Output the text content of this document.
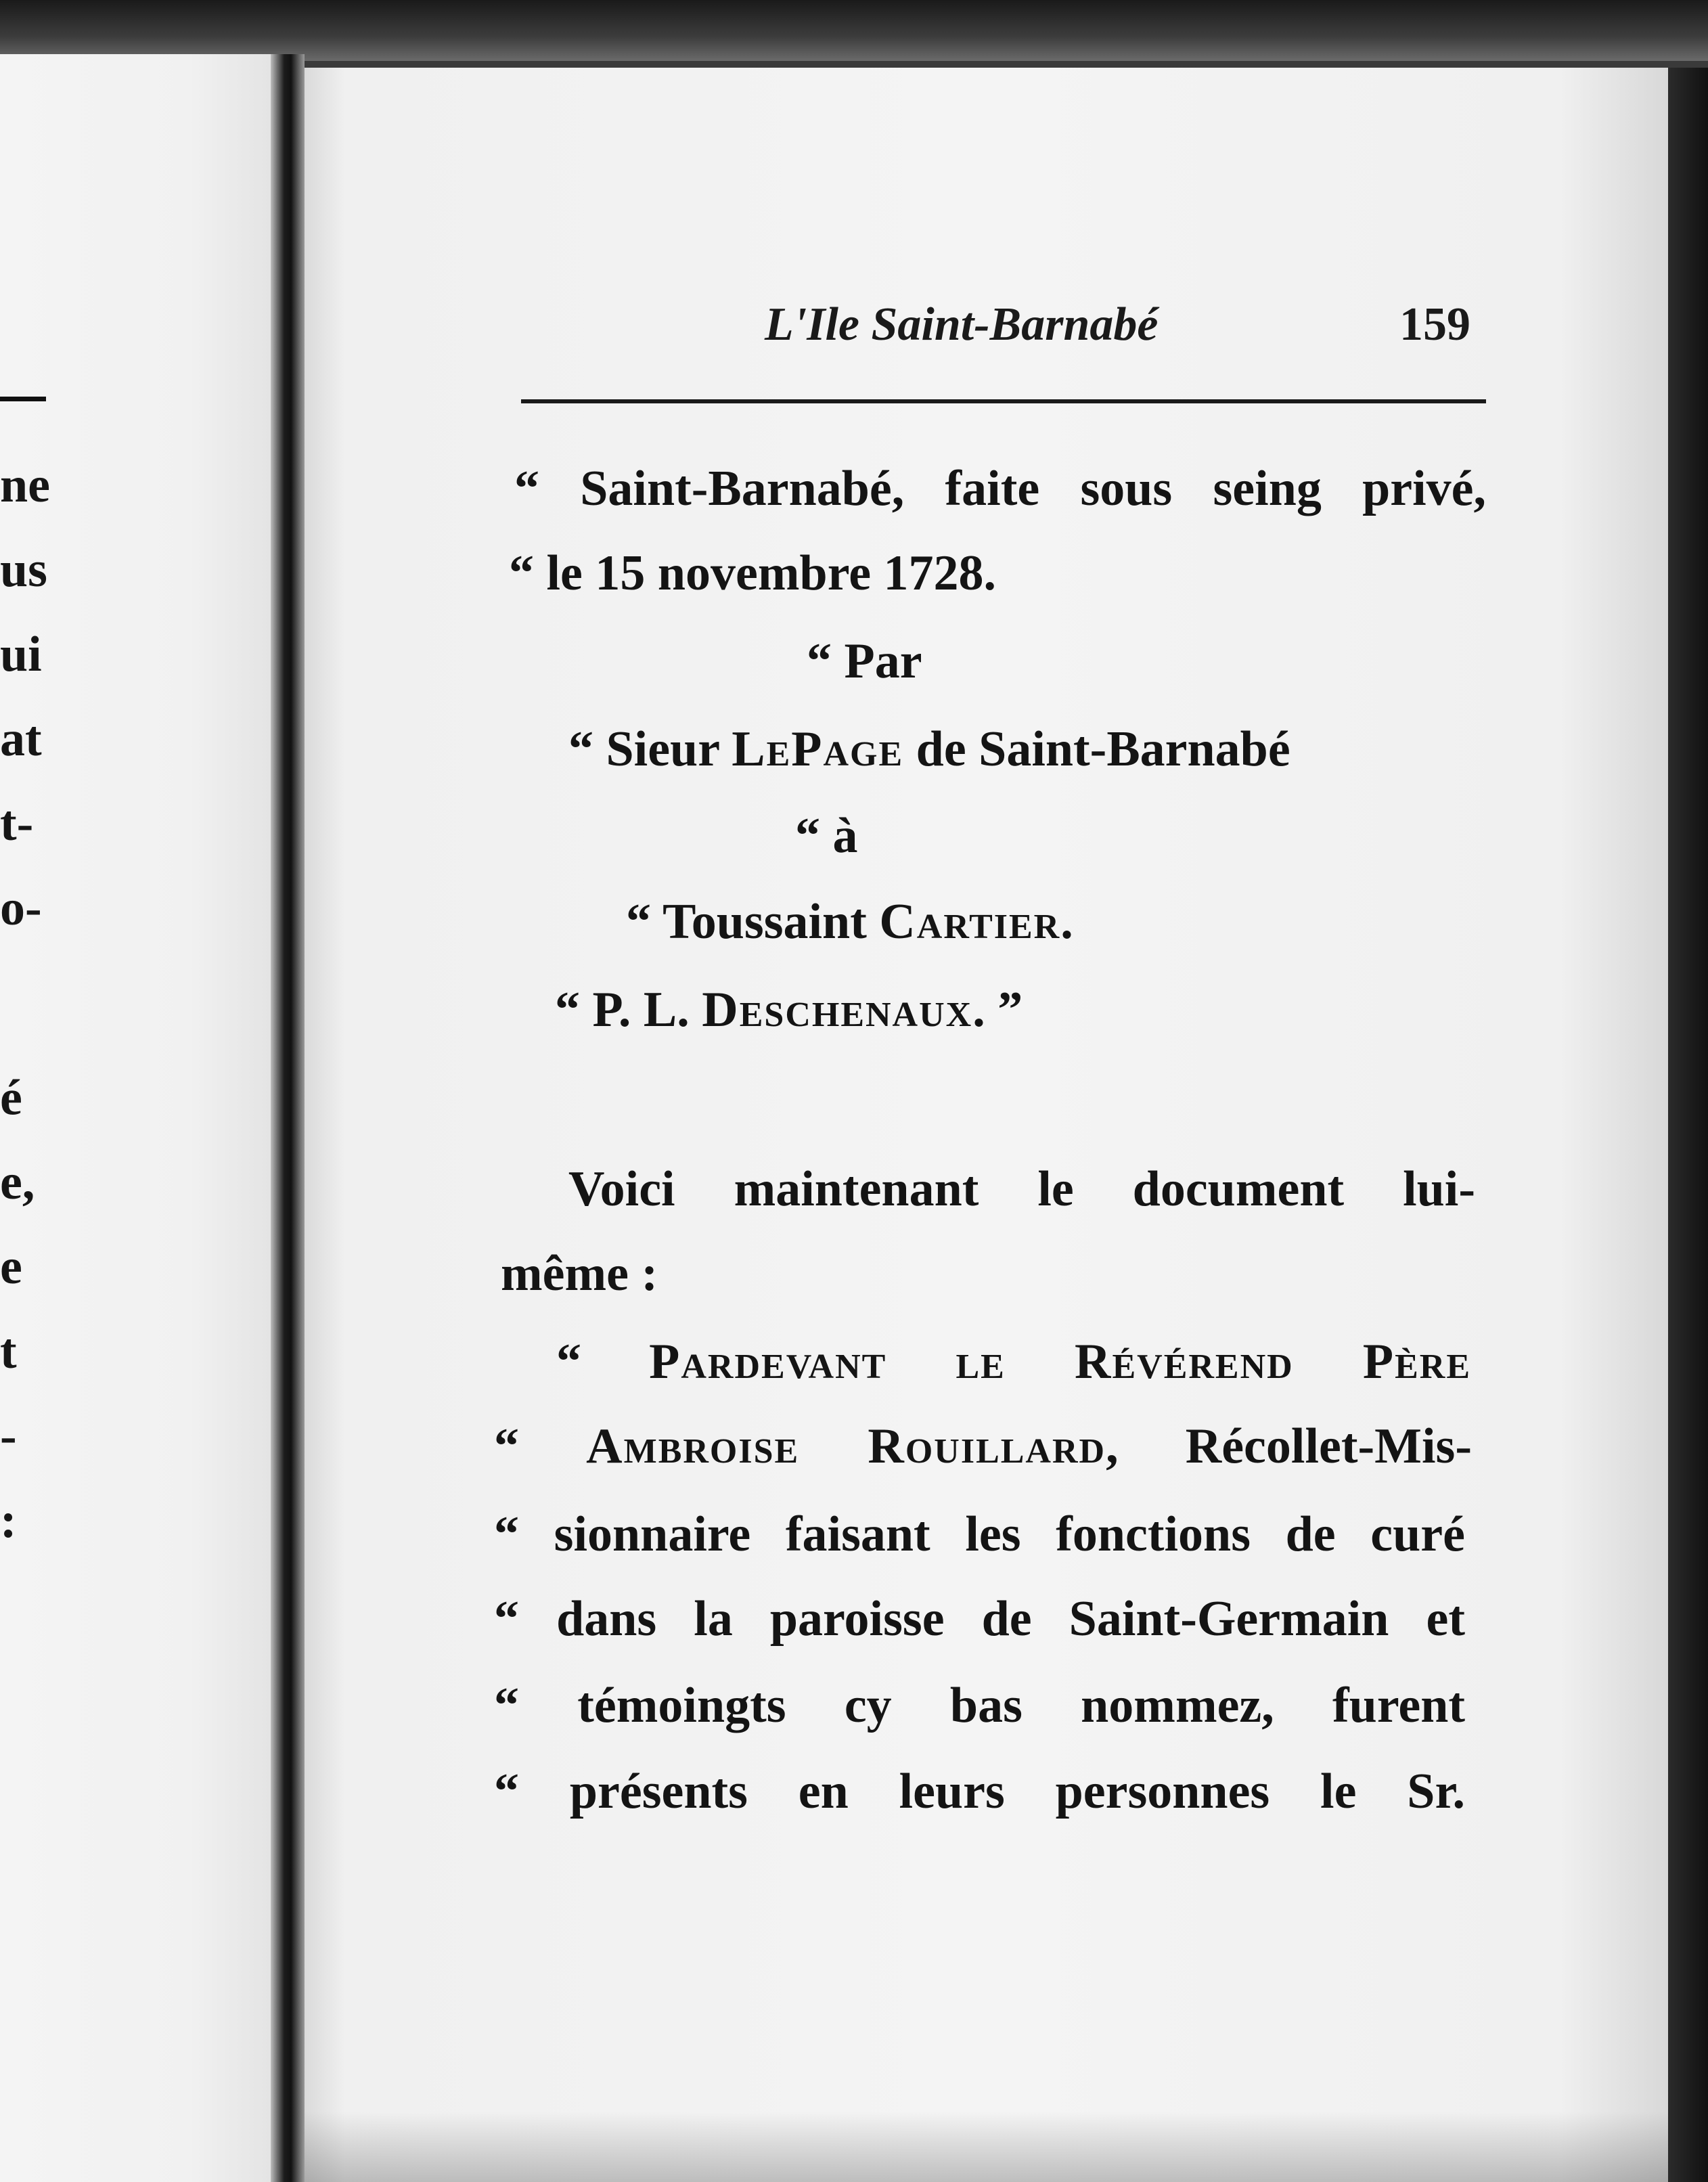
ne
us
ui
at
t-
o-
é
e,
e
t
-
:
L'Ile Saint-Barnabé	159
“ Saint-Barnabé, faite sous seing privé,
“ le 15 novembre 1728.
“ Par
“ Sieur LePage de Saint-Barnabé
“ à
“ Toussaint Cartier.
“ P. L. Deschenaux. ”
Voici maintenant le document lui-
même :
“ Pardevant le Révérend Père
“ Ambroise Rouillard, Récollet-Mis-
“ sionnaire faisant les fonctions de curé
“ dans la paroisse de Saint-Germain et
“ témoingts cy bas nommez, furent
“ présents en leurs personnes le Sr.
